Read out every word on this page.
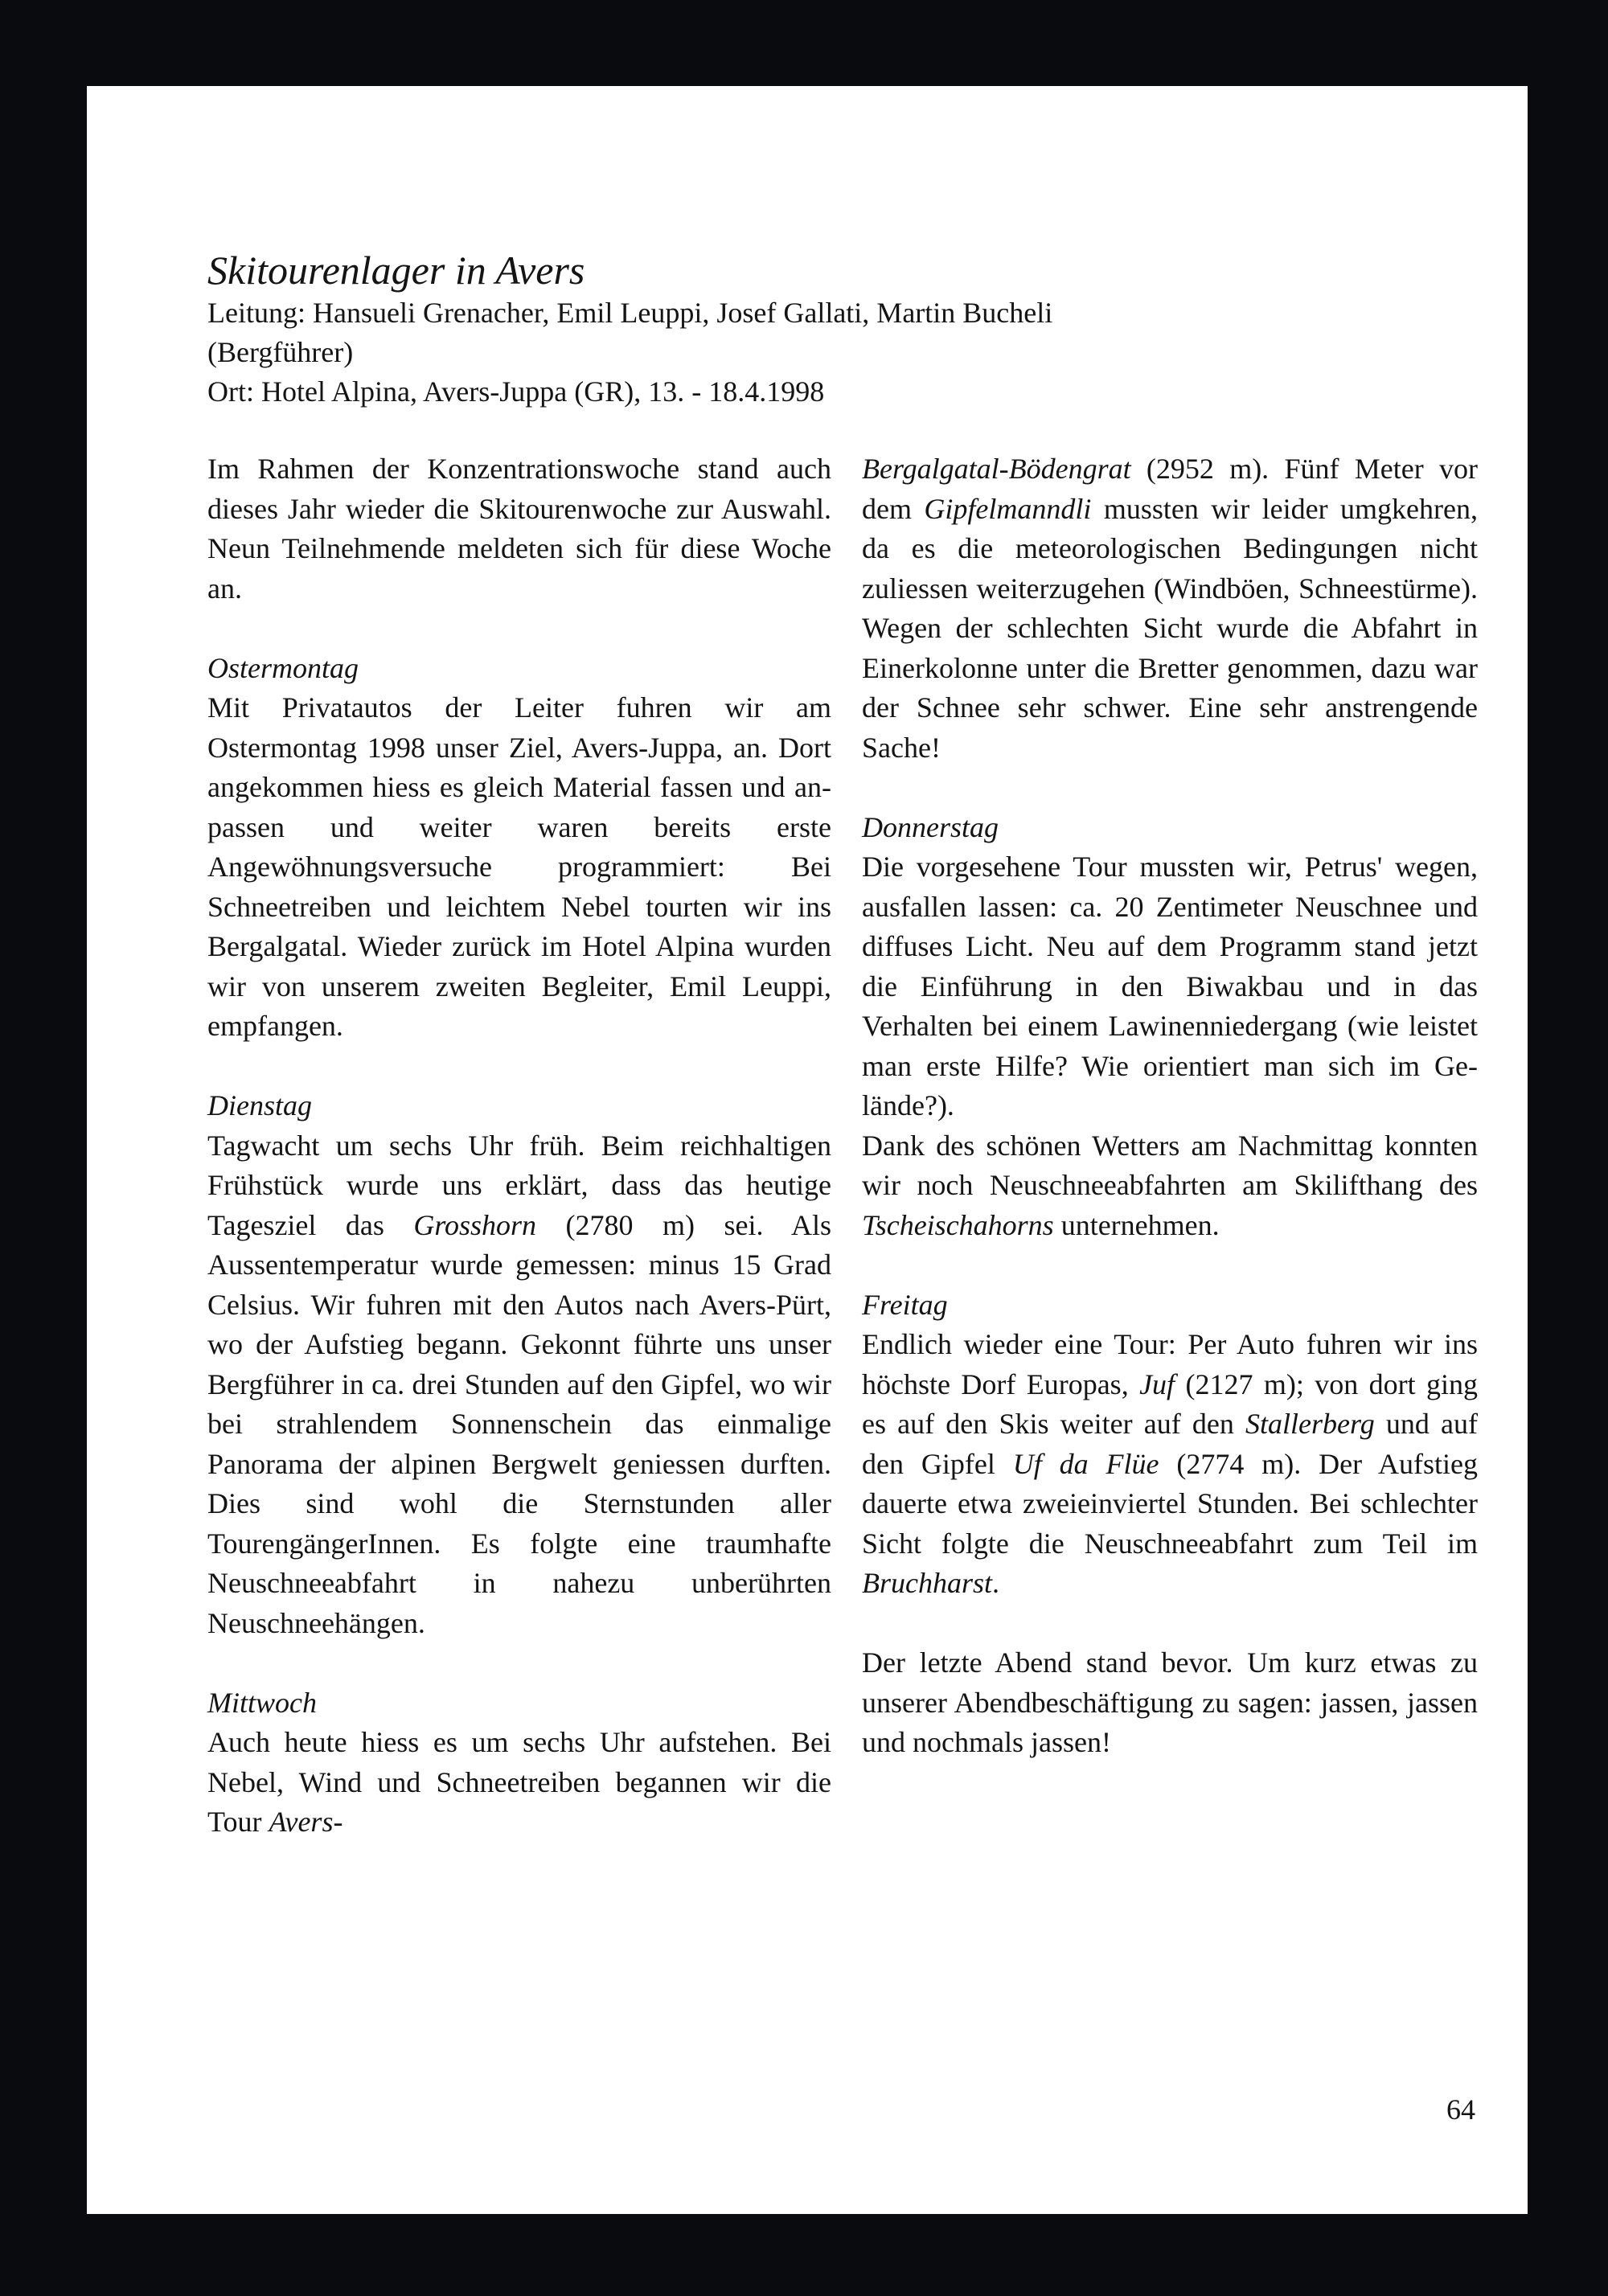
Skitourenlager in Avers

Leitung: Hansueli Grenacher, Emil Leuppi, Josef Gallati, Martin Bucheli

(Bergführer)

Ort: Hotel Alpina, Avers-Juppa (GR), 13. - 18.4.1998

Im Rahmen der Konzentrationswoche stand auch dieses Jahr wieder die Skitourenwoche zur Auswahl. Neun Teilnehmende meldeten sich für diese Woche an.

Ostermontag

Mit Privatautos der Leiter fuhren wir am Ostermontag 1998 unser Ziel, Avers-Juppa, an. Dort angekommen hiess es gleich Material fassen und anpassen und weiter waren bereits erste Angewöhnungsversuche programmiert: Bei Schneetreiben und leichtem Nebel tourten wir ins Bergalgatal. Wieder zurück im Hotel Alpina wurden wir von unserem zweiten Begleiter, Emil Leuppi, empfangen.

Dienstag

Tagwacht um sechs Uhr früh. Beim reichhaltigen Frühstück wurde uns erklärt, dass das heutige Tagesziel das Grosshorn (2780 m) sei. Als Aussentemperatur wurde gemessen: minus 15 Grad Celsius. Wir fuhren mit den Autos nach Avers-Pürt, wo der Aufstieg begann. Gekonnt führte uns unser Bergführer in ca. drei Stunden auf den Gipfel, wo wir bei strahlendem Sonnenschein das einmalige Panorama der alpinen Bergwelt geniessen durften. Dies sind wohl die Sternstunden aller TourengängerInnen. Es folgte eine traumhafte Neuschneeabfahrt in nahezu unberührten Neuschneehängen.

Mittwoch

Auch heute hiess es um sechs Uhr aufstehen. Bei Nebel, Wind und Schneetreiben begannen wir die Tour Avers-

Bergalgatal-Bödengrat (2952 m). Fünf Meter vor dem Gipfelmanndli mussten wir leider umgkehren, da es die meteorologischen Bedingungen nicht zuliessen weiterzugehen (Windböen, Schneestürme). Wegen der schlechten Sicht wurde die Abfahrt in Einerkolonne unter die Bretter genommen, dazu war der Schnee sehr schwer. Eine sehr anstrengende Sache!

Donnerstag

Die vorgesehene Tour mussten wir, Petrus' wegen, ausfallen lassen: ca. 20 Zentimeter Neuschnee und diffuses Licht. Neu auf dem Programm stand jetzt die Einführung in den Biwakbau und in das Verhalten bei einem Lawinenniedergang (wie leistet man erste Hilfe? Wie orientiert man sich im Gelände?).

Dank des schönen Wetters am Nachmittag konnten wir noch Neuschneeabfahrten am Skilifthang des Tscheischahorns unternehmen.

Freitag

Endlich wieder eine Tour: Per Auto fuhren wir ins höchste Dorf Europas, Juf (2127 m); von dort ging es auf den Skis weiter auf den Stallerberg und auf den Gipfel Uf da Flüe (2774 m). Der Aufstieg dauerte etwa zweieinviertel Stunden. Bei schlechter Sicht folgte die Neuschneeabfahrt zum Teil im Bruchharst.

Der letzte Abend stand bevor. Um kurz etwas zu unserer Abendbeschäftigung zu sagen: jassen, jassen und nochmals jassen!

64
